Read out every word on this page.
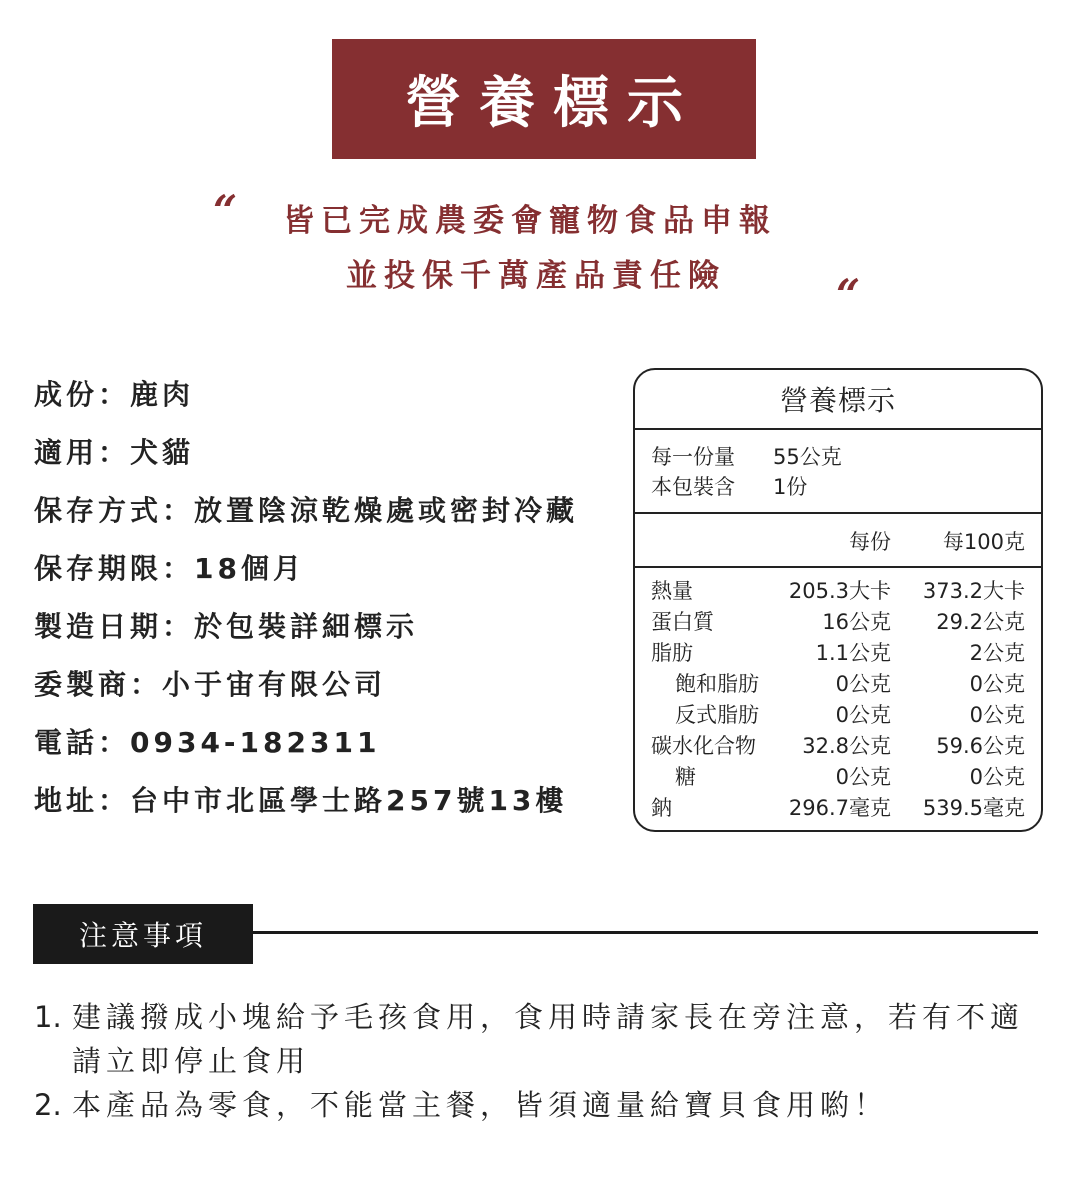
營養標示
“ 皆已完成農委會寵物食品申報
並投保千萬產品責任險	“
成份：鹿肉
適用：犬貓
保存方式：放置陰涼乾燥處或密封冷藏
保存期限：18個月
製造日期：於包裝詳細標示
委製商：小于宙有限公司
電話：0934-182311
地址：台中市北區學士路257號13樓
營養標示
每一份量	55公克
本包裝含	1份
每份 每100克
熱量	205.3大卡 373.2大卡
蛋白質	16公克 29.2公克
脂肪	1.1公克	2公克
飽和脂肪	0公克	0公克
反式脂肪	0公克	0公克
碳水化合物 32.8公克 59.6公克
糖	0公克	0公克
鈉	296.7毫克 539.5毫克
注意事項
1. 建議撥成小塊給予毛孩食用，食用時請家長在旁注意，若有不適
請立即停止食用
2. 本產品為零食，不能當主餐，皆須適量給寶貝食用喲！
